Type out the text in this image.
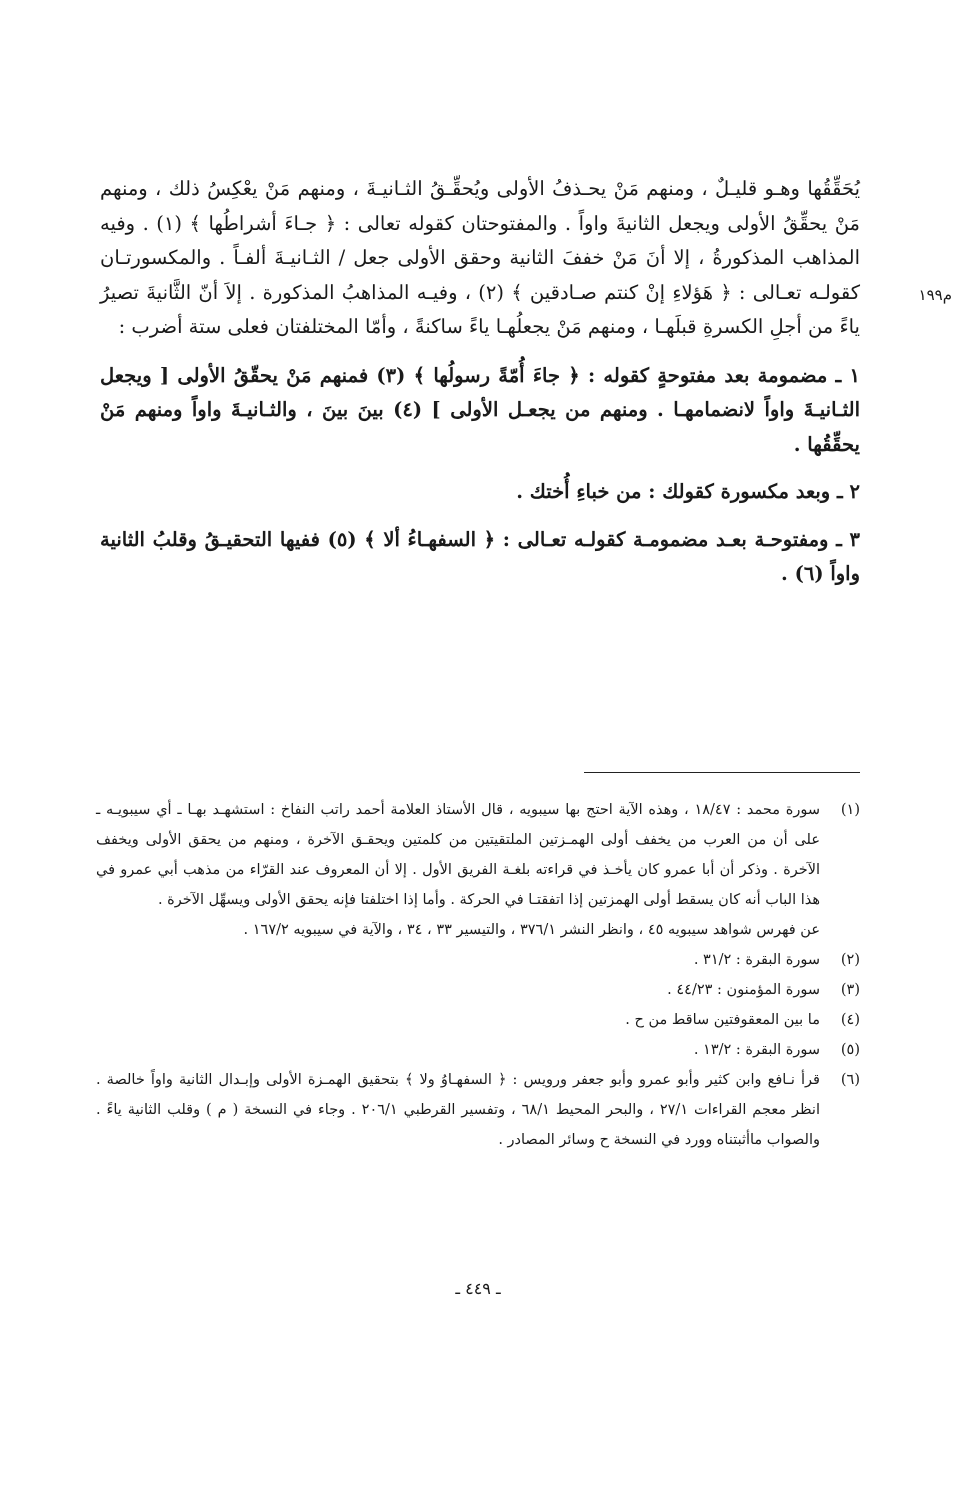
م١٩٩

يُحَقِّقُها وهـو قليـلٌ ، ومنهم مَنْ يحـذفُ الأولى ويُحقِّـقُ الثـانيـةَ ، ومنهم مَنْ يعْكِسُ ذلك ، ومنهم مَنْ يحقِّقُ الأولى ويجعل الثانيةَ واواً . والمفتوحتان كقوله تعالى : ﴿ جـاءَ أشراطُها ﴾ (١) . وفيه المذاهب المذكورةُ ، إلا أنَ مَنْ خففَ الثانية وحقق الأولى جعل / الثـانيـةَ ألفـاً . والمكسورتـان كقولـه تعـالى : ﴿ هَؤلاءِ إنْ كنتم صـادقين ﴾ (٢) ، وفيـه المذاهبُ المذكورة . إلاَ أنّ الثَّانيةَ تصيرُ ياءً من أجلِ الكسرةِ قبلَهـا ، ومنهم مَنْ يجعلُهـا ياءً ساكنةً ، وأمّا المختلفتان فعلى ستة أضرب :

١ ـ مضمومة بعد مفتوحةٍ كقوله : ﴿ جاءَ أُمّةً رسولُها ﴾ (٣) فمنهم مَنْ يحقّقُ الأولى [ ويجعل الثـانيـةَ واواً لانضمامهـا . ومنهم من يجعـل الأولى ] (٤) بينَ بينَ ، والثـانيـةَ واواً ومنهم مَنْ يحقِّقُها .

٢ ـ وبعد مكسورة كقولك : من خباءِ أُختك .

٣ ـ ومفتوحـة بعـد مضمومـة كقولـه تعـالى : ﴿ السفهـاءُ ألا ﴾ (٥) ففيها التحقيـقُ وقلبُ الثانية واواً (٦) .

(١)
سورة محمد : ١٨/٤٧ ، وهذه الآية احتج بها سيبويه ، قال الأستاذ العلامة أحمد راتب النفاخ : استشهـد بهـا ـ أي سيبويـه ـ على أن من العرب من يخفف أولى الهمـزتين الملتقيتين من كلمتين ويحقـق الآخرة ، ومنهم من يحقق الأولى ويخفف الآخرة . وذكر أن أبا عمرو كان يأخـذ في قراءته بلغـة الفريق الأول . إلا أن المعروف عند القرّاء من مذهب أبي عمرو في هذا الباب أنه كان يسقط أولى الهمزتين إذا اتفقتـا في الحركة . وأما إذا اختلفتا فإنه يحقق الأولى ويسهِّل الآخرة .
عن فهرس شواهد سيبويه ٤٥ ، وانظر النشر ٣٧٦/١ ، والتيسير ٣٣ ، ٣٤ ، والآية في سيبويه ١٦٧/٢ .
(٢)
سورة البقرة : ٣١/٢ .
(٣)
سورة المؤمنون : ٤٤/٢٣ .
(٤)
ما بين المعقوفتين ساقط من ح .
(٥)
سورة البقرة : ١٣/٢ .
(٦)
قرأ نـافع وابن كثير وأبو عمرو وأبو جعفر ورويس : ﴿ السفهـاوُ ولا ﴾ بتحقيق الهمـزة الأولى وإبـدال الثانية واواً خالصة . انظر معجم القراءات ٢٧/١ ، والبحر المحيط ٦٨/١ ، وتفسير القرطبي ٢٠٦/١ . وجاء في النسخة ( م ) وقلب الثانية ياءً . والصواب ماأثبتناه وورد في النسخة ح وسائر المصادر .
ـ ٤٤٩ ـ
